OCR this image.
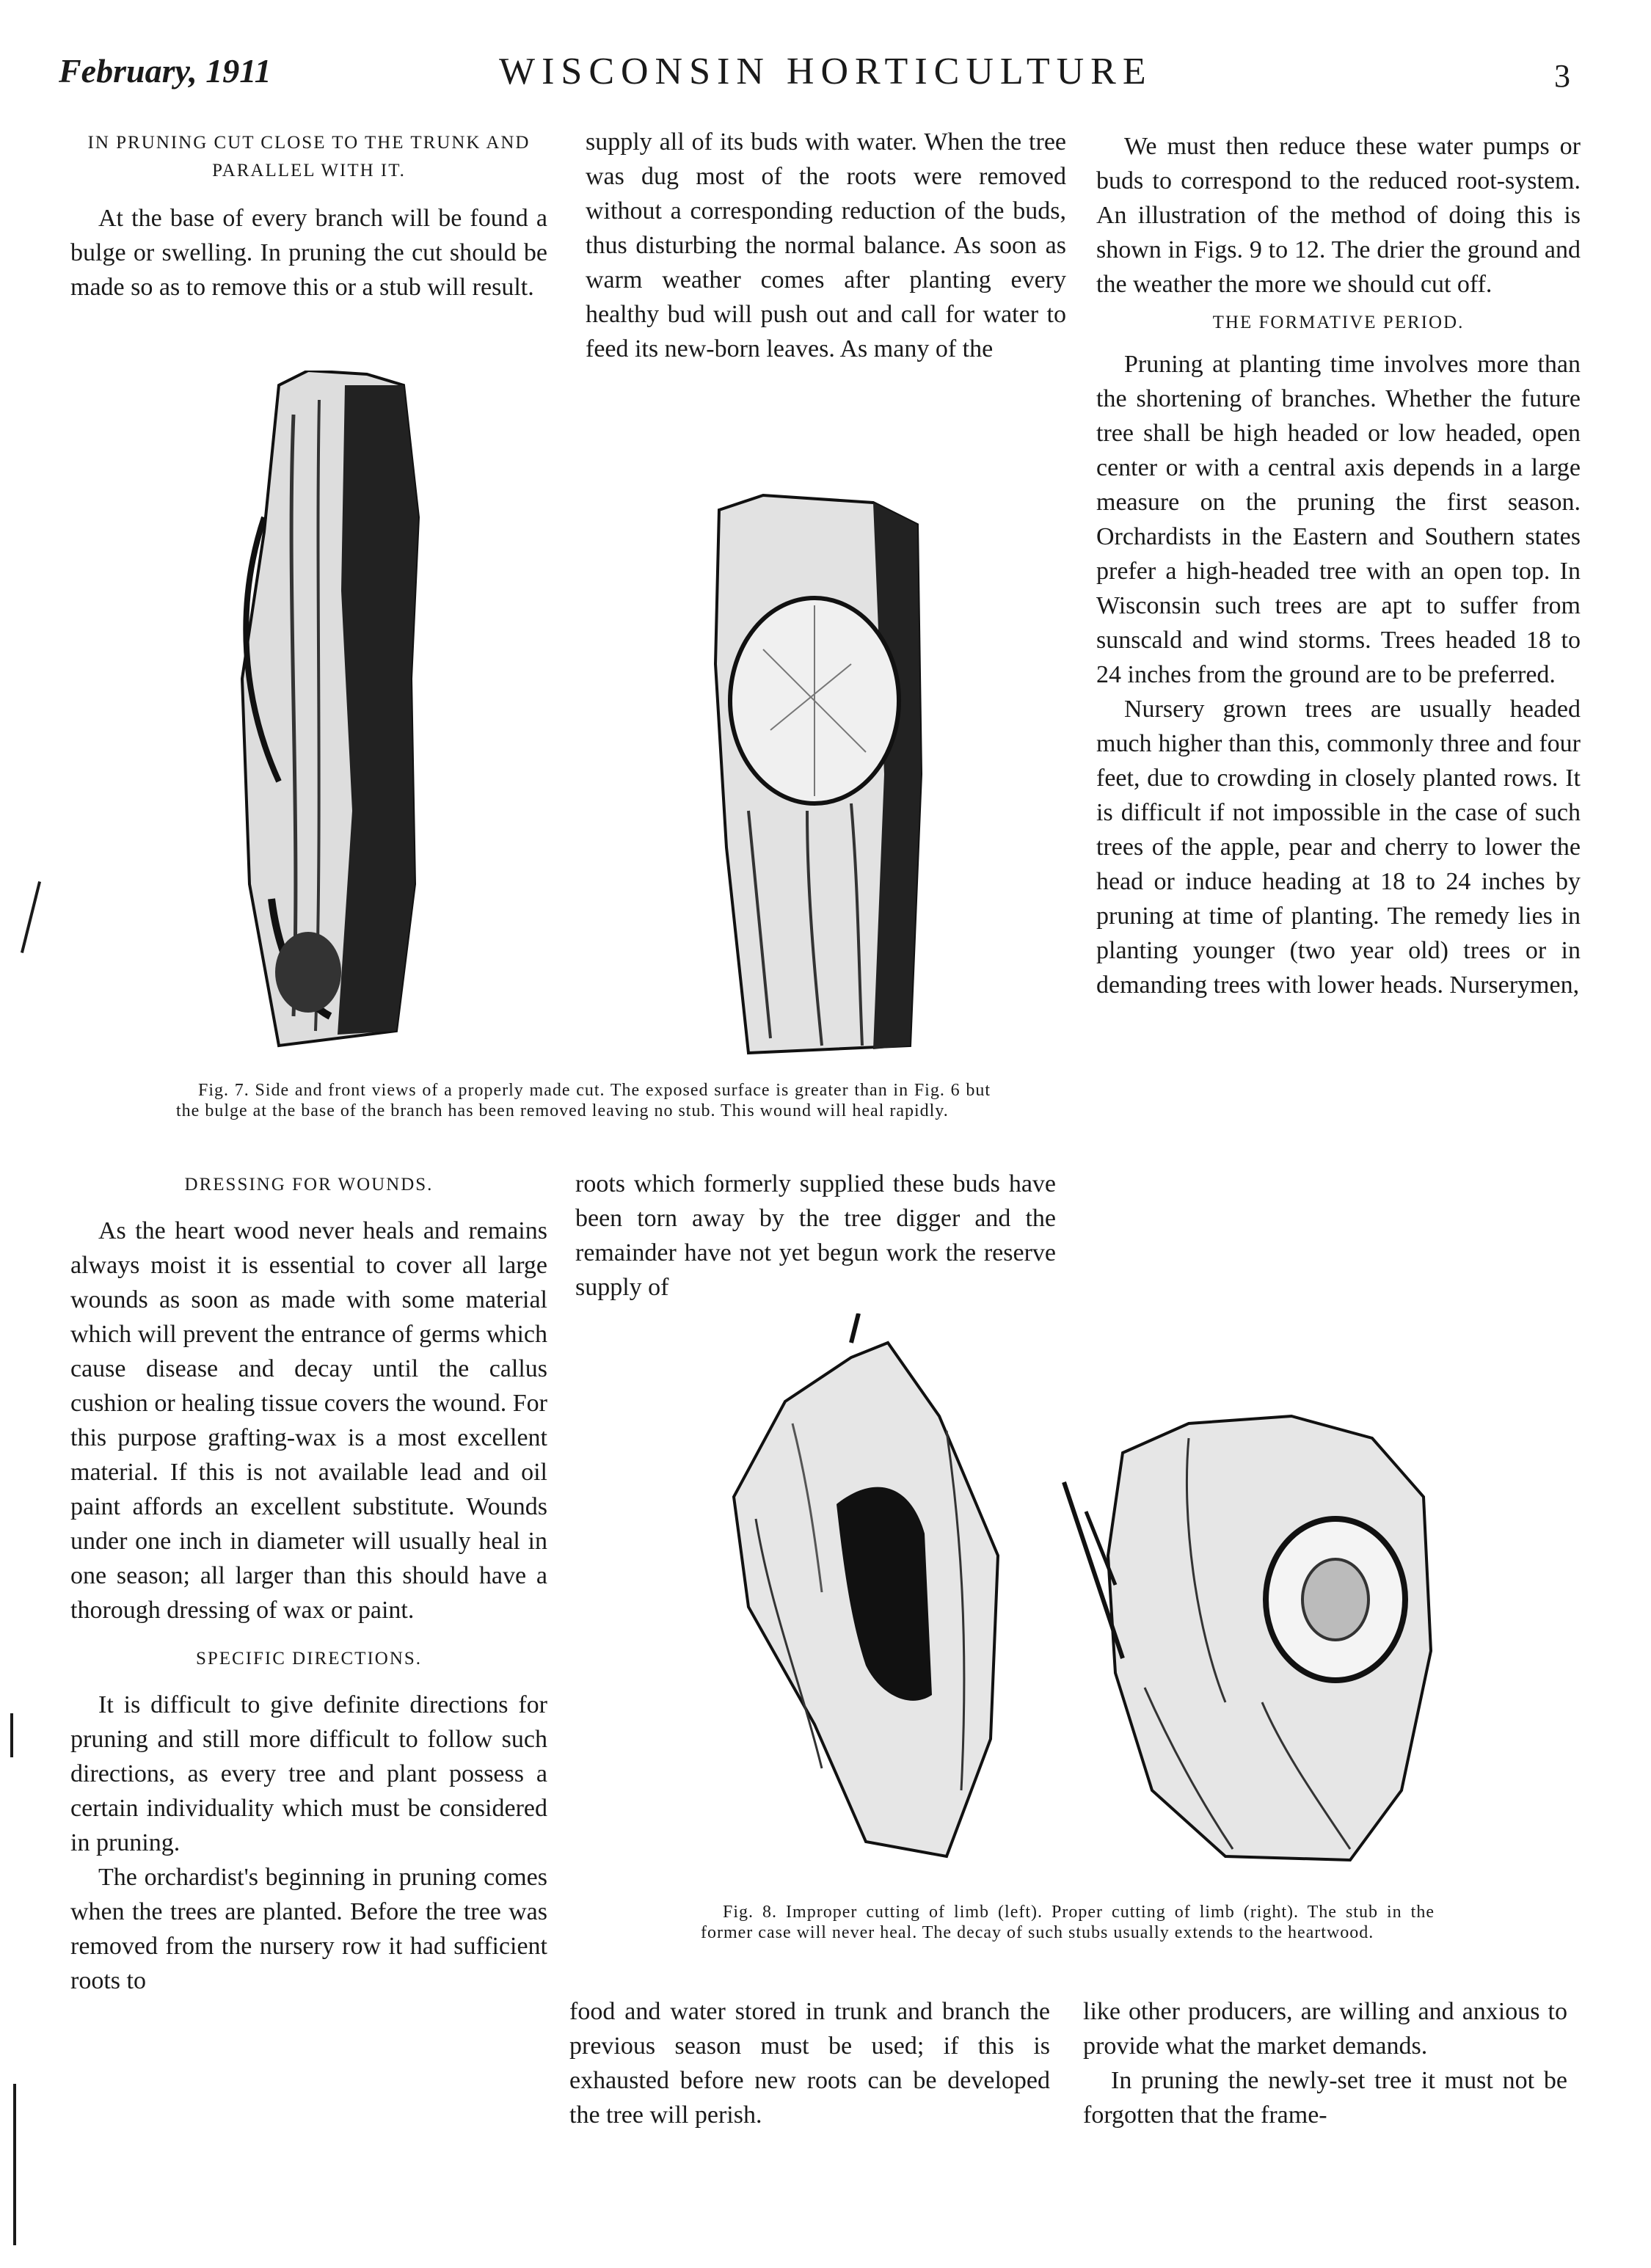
February, 1911	WISCONSIN HORTICULTURE	3
IN PRUNING CUT CLOSE TO THE TRUNK AND PARALLEL WITH IT.

At the base of every branch will be found a bulge or swelling. In pruning the cut should be made so as to remove this or a stub will result.

supply all of its buds with water. When the tree was dug most of the roots were removed without a corresponding reduction of the buds, thus disturbing the normal balance. As soon as warm weather comes after planting every healthy bud will push out and call for water to feed its new-born leaves. As many of the

We must then reduce these water pumps or buds to correspond to the reduced root-system. An illustration of the method of doing this is shown in Figs. 9 to 12. The drier the ground and the weather the more we should cut off.

THE FORMATIVE PERIOD.

Pruning at planting time involves more than the shortening of branches. Whether the future tree shall be high headed or low headed, open center or with a central axis depends in a large measure on the pruning the first season. Orchardists in the Eastern and Southern states prefer a high-headed tree with an open top. In Wisconsin such trees are apt to suffer from sunscald and wind storms. Trees headed 18 to 24 inches from the ground are to be preferred.

Nursery grown trees are usually headed much higher than this, commonly three and four feet, due to crowding in closely planted rows. It is difficult if not impossible in the case of such trees of the apple, pear and cherry to lower the head or induce heading at 18 to 24 inches by pruning at time of planting. The remedy lies in planting younger (two year old) trees or in demanding trees with lower heads. Nurserymen,

Fig. 7. Side and front views of a properly made cut. The exposed surface is greater than in Fig. 6 but the bulge at the base of the branch has been removed leaving no stub. This wound will heal rapidly.

DRESSING FOR WOUNDS.

As the heart wood never heals and remains always moist it is essential to cover all large wounds as soon as made with some material which will prevent the entrance of germs which cause disease and decay until the callus cushion or healing tissue covers the wound. For this purpose grafting-wax is a most excellent material. If this is not available lead and oil paint affords an excellent substitute. Wounds under one inch in diameter will usually heal in one season; all larger than this should have a thorough dressing of wax or paint.

SPECIFIC DIRECTIONS.

It is difficult to give definite directions for pruning and still more difficult to follow such directions, as every tree and plant possess a certain individuality which must be considered in pruning.

The orchardist's beginning in pruning comes when the trees are planted. Before the tree was removed from the nursery row it had sufficient roots to

roots which formerly supplied these buds have been torn away by the tree digger and the remainder have not yet begun work the reserve supply of

Fig. 8. Improper cutting of limb (left). Proper cutting of limb (right). The stub in the former case will never heal. The decay of such stubs usually extends to the heartwood.

food and water stored in trunk and branch the previous season must be used; if this is exhausted before new roots can be developed the tree will perish.

like other producers, are willing and anxious to provide what the market demands.

In pruning the newly-set tree it must not be forgotten that the frame-
